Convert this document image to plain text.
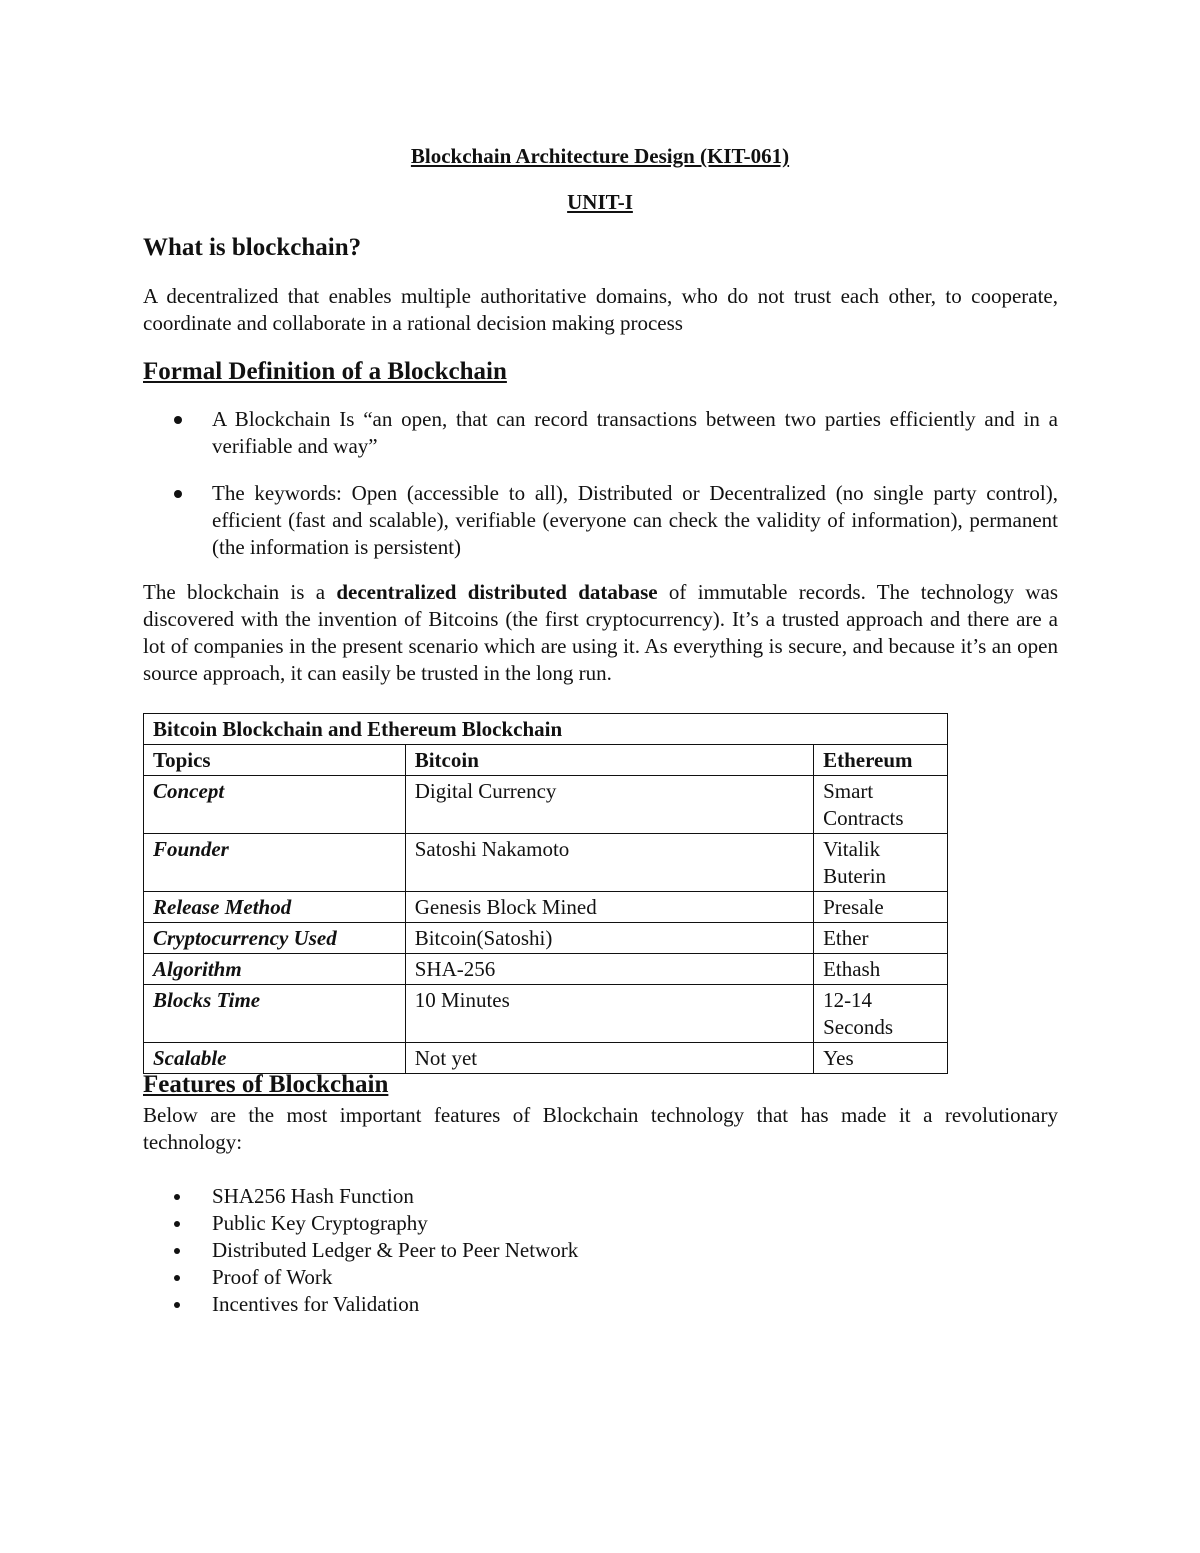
Blockchain Architecture Design (KIT-061)
UNIT-I
What is blockchain?

A decentralized that enables multiple authoritative domains, who do not trust each other, to cooperate, coordinate and collaborate in a rational decision making process

Formal Definition of a Blockchain
A Blockchain Is “an open, that can record transactions between two parties efficiently and in a verifiable and way”
The keywords: Open (accessible to all), Distributed or Decentralized (no single party control), efficient (fast and scalable), verifiable (everyone can check the validity of information), permanent (the information is persistent)

The blockchain is a decentralized distributed database of immutable records. The technology was discovered with the invention of Bitcoins (the first cryptocurrency). It’s a trusted approach and there are a lot of companies in the present scenario which are using it. As everything is secure, and because it’s an open source approach, it can easily be trusted in the long run.

Bitcoin Blockchain and Ethereum Blockchain		
Topics	Bitcoin	Ethereum
Concept	Digital Currency	Smart Contracts
Founder	Satoshi Nakamoto	Vitalik Buterin
Release Method	Genesis Block Mined	Presale
Cryptocurrency Used	Bitcoin(Satoshi)	Ether
Algorithm	SHA-256	Ethash
Blocks Time	10 Minutes	12-14 Seconds
Scalable	Not yet	Yes
Features of Blockchain

Below are the most important features of Blockchain technology that has made it a revolutionary technology:

SHA256 Hash Function
Public Key Cryptography
Distributed Ledger & Peer to Peer Network
Proof of Work
Incentives for Validation
